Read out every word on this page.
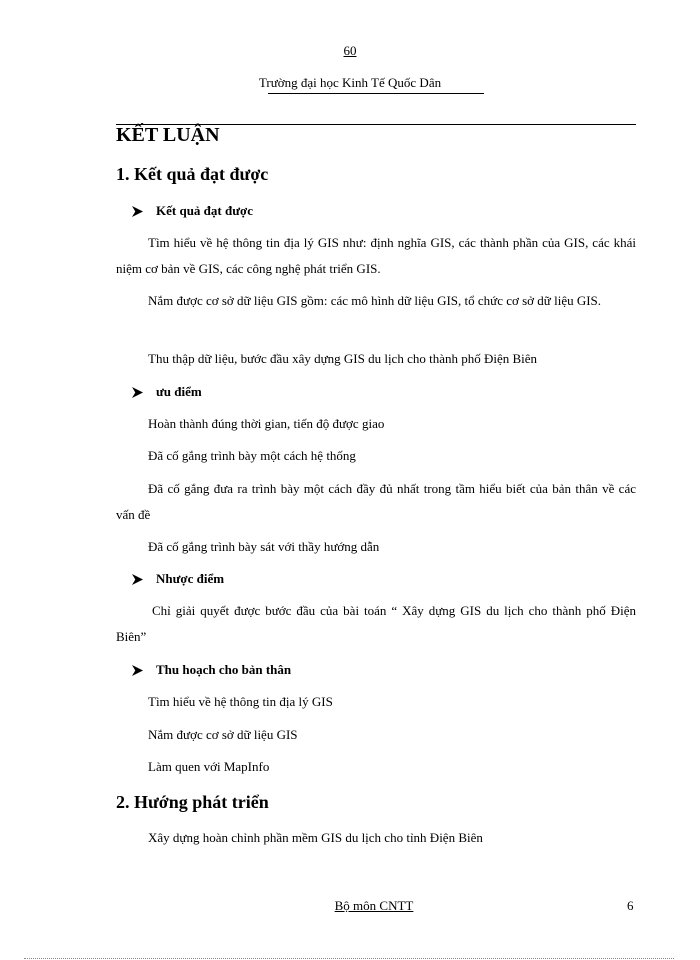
60
Trường đại học Kinh Tế Quốc Dân
KẾT LUẬN
1. Kết quả đạt được
Kết quả đạt được

Tìm hiểu về hệ thông tin địa lý GIS như: định nghĩa GIS, các thành phần của GIS, các khái niệm cơ bản về GIS, các công nghệ phát triển GIS.

Nắm được cơ sở dữ liệu GIS gồm: các mô hình dữ liệu GIS, tổ chức cơ sở dữ liệu GIS.

Thu thập dữ liệu, bước đầu xây dựng GIS du lịch cho thành phố Điện Biên

ưu điểm

Hoàn thành đúng thời gian, tiến độ được giao

Đã cố gắng trình bày một cách hệ thống

Đã cố gắng đưa ra trình bày một cách đầy đủ nhất trong tầm hiểu biết của bản thân về các vấn đề

Đã cố gắng trình bày sát với thầy hướng dẫn

Nhược điểm

Chỉ giải quyết được bước đầu của bài toán “ Xây dựng GIS du lịch cho thành phố Điện Biên”

Thu hoạch cho bản thân

Tìm hiểu về hệ thông tin địa lý GIS

Nắm được cơ sở dữ liệu GIS

Làm quen với MapInfo

2. Hướng phát triển

Xây dựng hoàn chỉnh phần mềm GIS du lịch cho tỉnh Điện Biên

Bộ môn CNTT	6
